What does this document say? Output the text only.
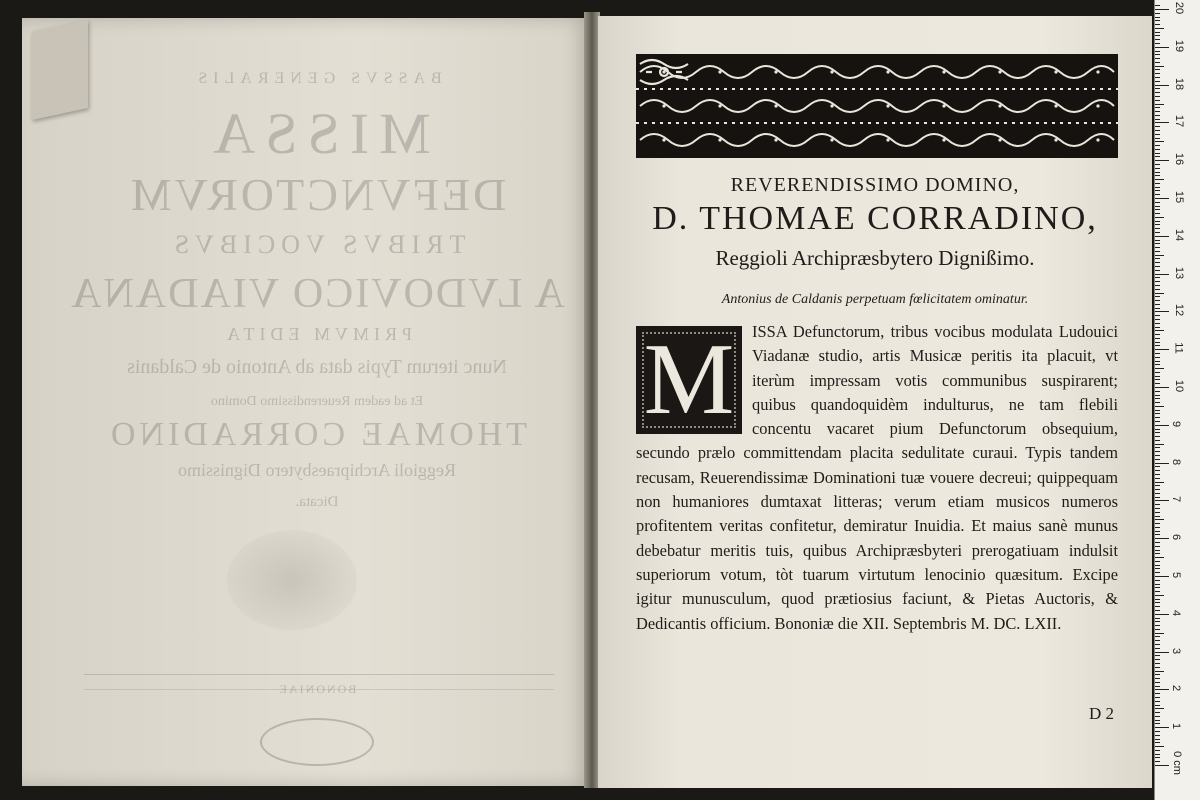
BASSVS GENERALIS
MISSA
DEFVNCTORVM
TRIBVS VOCIBVS
A LVDOVICO VIADANA
PRIMVM EDITA
Nunc iterum Typis data ab Antonio de Caldanis
Et ad eadem Reuerendissimo Domino
THOMAE CORRADINO
Reggioli Archipraesbytero Dignissimo
Dicata.
BONONIAE
REVERENDISSIMO DOMINO,
D. THOMAE CORRADINO,
Reggioli Archipræsbytero Dignißimo.
Antonius de Caldanis perpetuam fœlicitatem ominatur.
M	ISSA Defunctorum, tribus vocibus modulata Ludouici Viadanæ studio, artis Musicæ peritis ita placuit, vt iterùm impressam votis communibus suspirarent; quibus quandoquidèm indulturus, ne tam flebili concentu vacaret pium Defunctorum obsequium, secundo prælo committendam placita sedulitate curaui. Typis tandem recusam, Reuerendissimæ Dominationi tuæ vouere decreui; quippequam non humaniores dumtaxat litteras; verum etiam musicos numeros profitentem veritas confitetur, demiratur Inuidia. Et maius sanè munus debebatur meritis tuis, quibus Archipræsbyteri prerogatiuam indulsit superiorum votum, tòt tuarum virtutum lenocinio quæsitum. Excipe igitur munusculum, quod prætiosius faciunt, & Pietas Auctoris, & Dedicantis officium. Bononiæ die XII. Septembris M. DC. LXII.
D 2
0 cm
1
2
3
4
5
6
7
8
9
10
11
12
13
14
15
16
17
18
19
20
